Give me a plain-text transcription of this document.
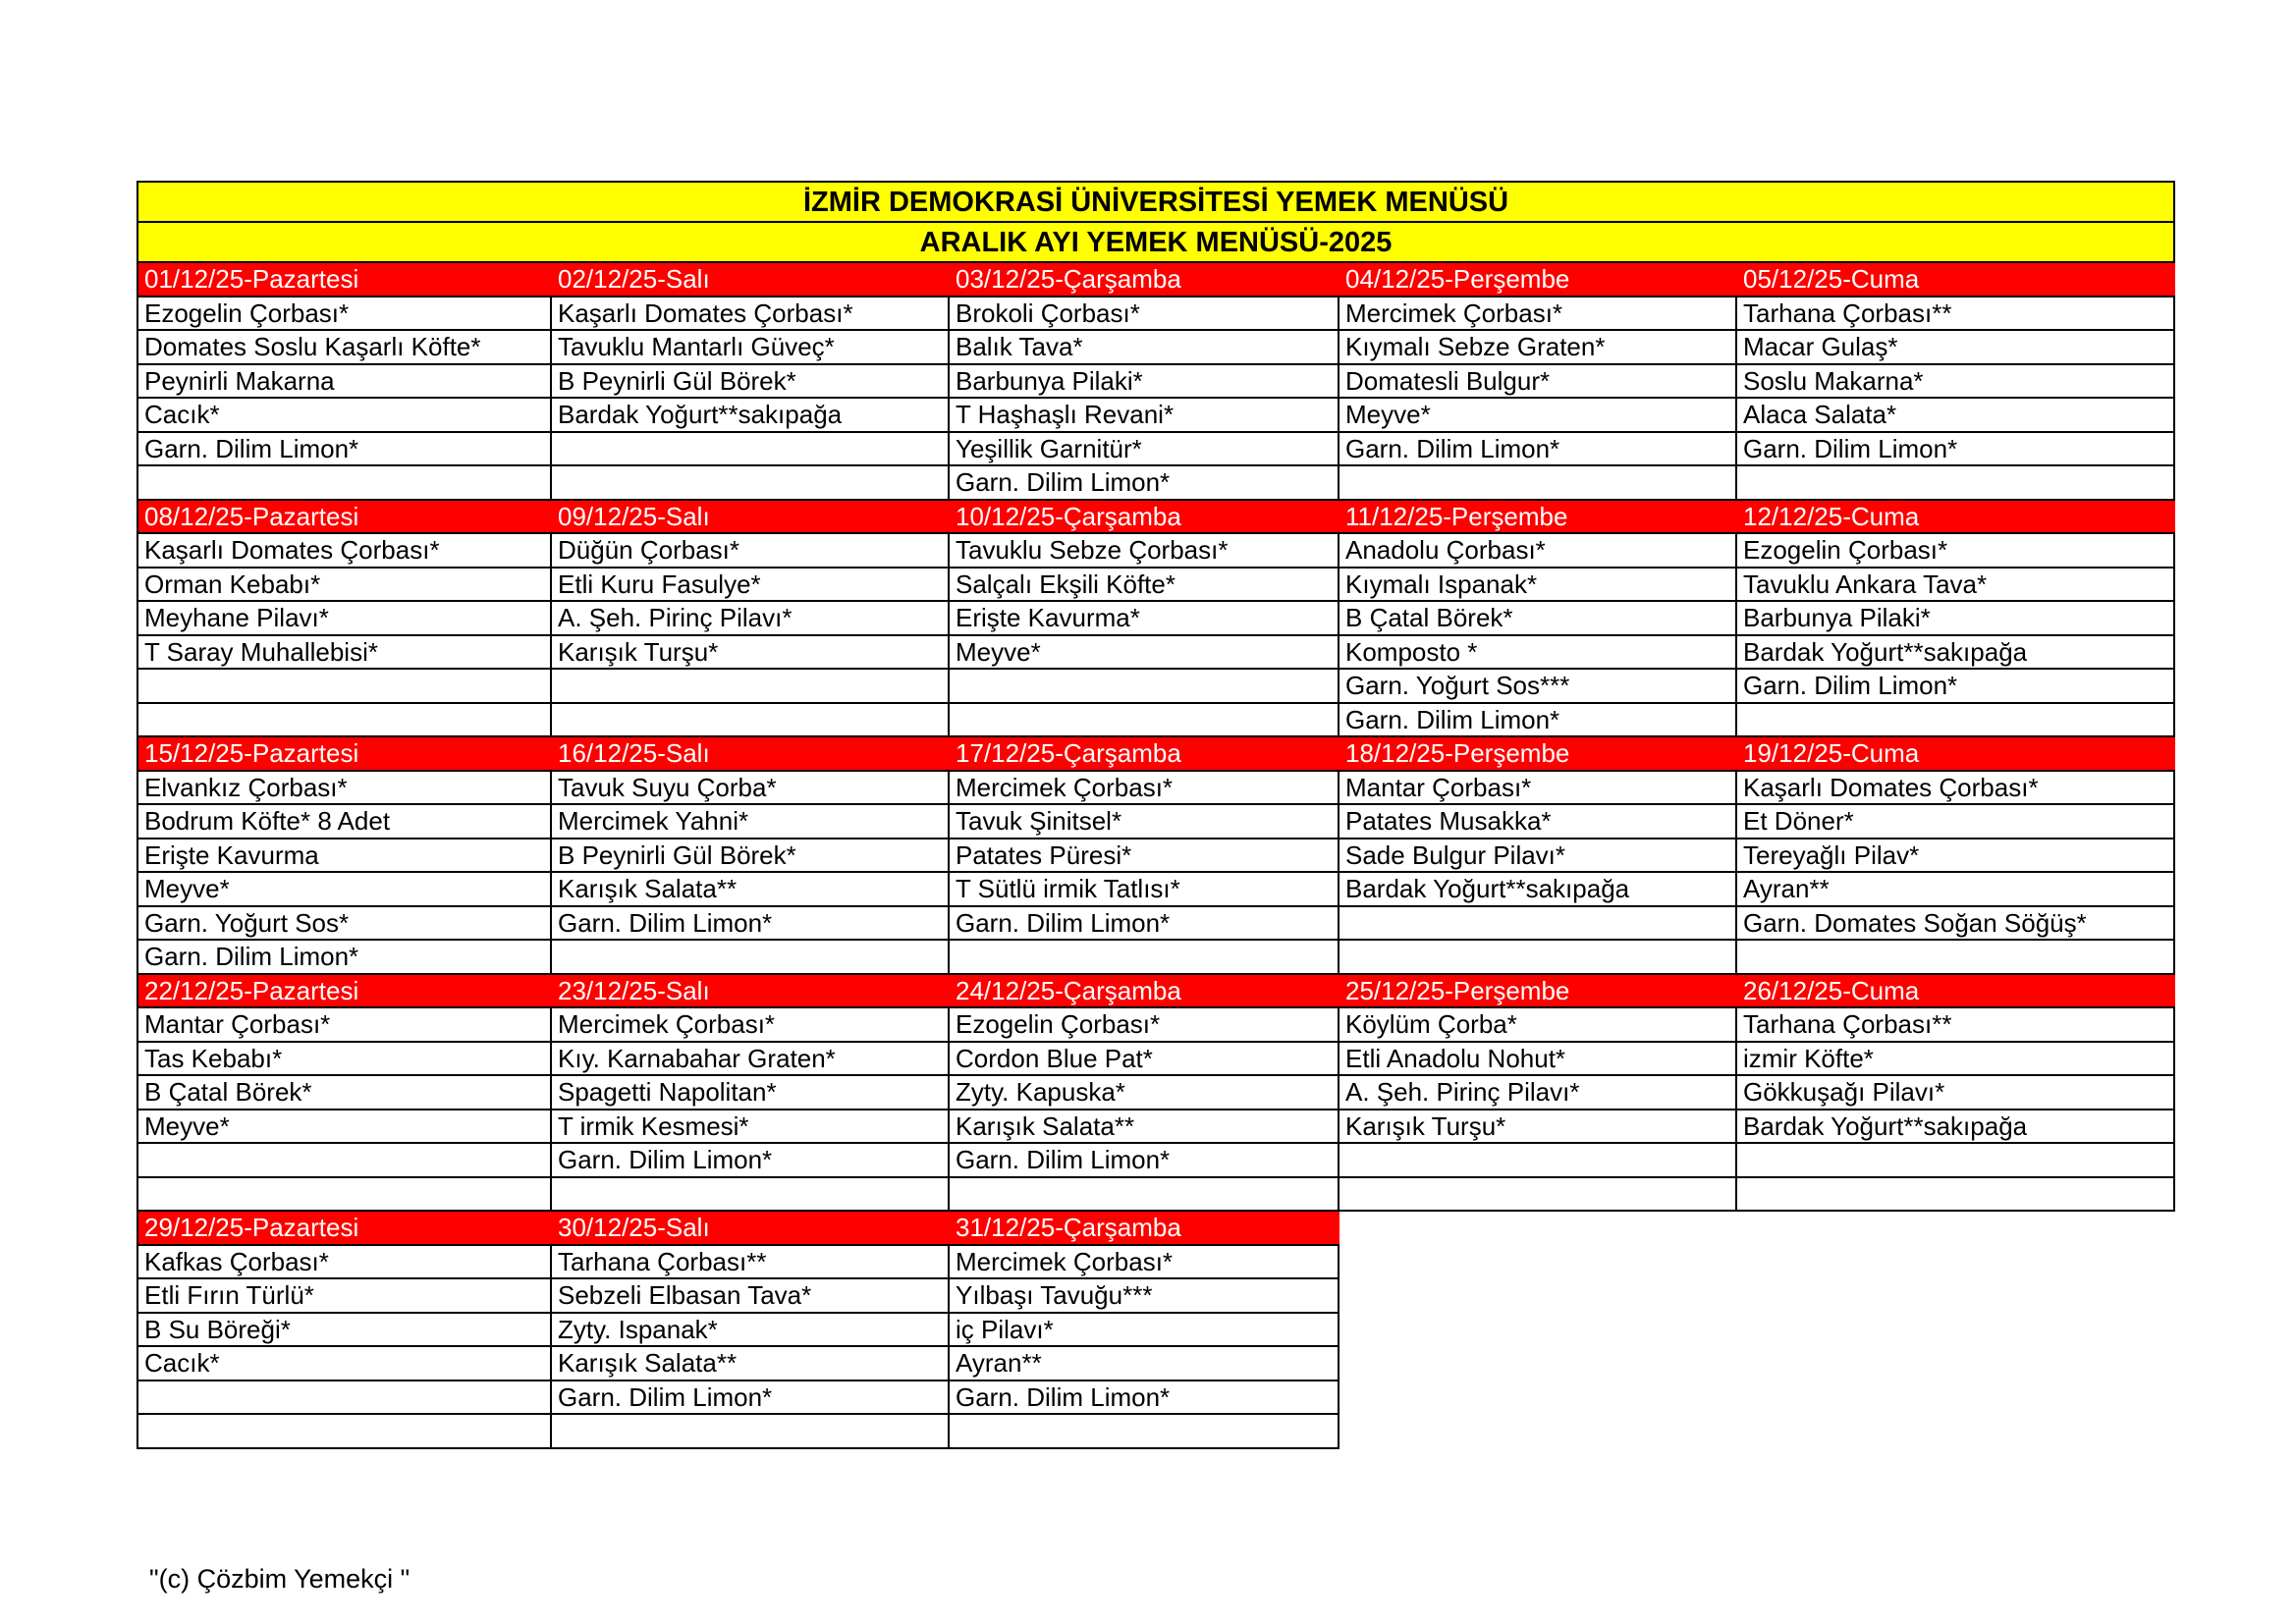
İZMİR DEMOKRASİ ÜNİVERSİTESİ YEMEK MENÜSÜ				
ARALIK AYI YEMEK MENÜSÜ-2025				
01/12/25-Pazartesi	02/12/25-Salı	03/12/25-Çarşamba	04/12/25-Perşembe	05/12/25-Cuma
Ezogelin Çorbası*	Kaşarlı Domates Çorbası*	Brokoli Çorbası*	Mercimek Çorbası*	Tarhana Çorbası**
Domates Soslu Kaşarlı Köfte*	Tavuklu Mantarlı Güveç*	Balık Tava*	Kıymalı Sebze Graten*	Macar Gulaş*
Peynirli Makarna	B Peynirli Gül Börek*	Barbunya Pilaki*	Domatesli Bulgur*	Soslu Makarna*
Cacık*	Bardak Yoğurt**sakıpağa	T Haşhaşlı Revani*	Meyve*	Alaca Salata*
Garn. Dilim Limon*		Yeşillik Garnitür*	Garn. Dilim Limon*	Garn. Dilim Limon*
		Garn. Dilim Limon*		
08/12/25-Pazartesi	09/12/25-Salı	10/12/25-Çarşamba	11/12/25-Perşembe	12/12/25-Cuma
Kaşarlı Domates Çorbası*	Düğün Çorbası*	Tavuklu Sebze Çorbası*	Anadolu Çorbası*	Ezogelin Çorbası*
Orman Kebabı*	Etli Kuru Fasulye*	Salçalı Ekşili Köfte*	Kıymalı Ispanak*	Tavuklu Ankara Tava*
Meyhane Pilavı*	A. Şeh. Pirinç Pilavı*	Erişte Kavurma*	B Çatal Börek*	Barbunya Pilaki*
T Saray Muhallebisi*	Karışık Turşu*	Meyve*	Komposto *	Bardak Yoğurt**sakıpağa
			Garn. Yoğurt Sos***	Garn. Dilim Limon*
			Garn. Dilim Limon*	
15/12/25-Pazartesi	16/12/25-Salı	17/12/25-Çarşamba	18/12/25-Perşembe	19/12/25-Cuma
Elvankız Çorbası*	Tavuk Suyu Çorba*	Mercimek Çorbası*	Mantar Çorbası*	Kaşarlı Domates Çorbası*
Bodrum Köfte* 8 Adet	Mercimek Yahni*	Tavuk Şinitsel*	Patates Musakka*	Et Döner*
Erişte Kavurma	B Peynirli Gül Börek*	Patates Püresi*	Sade Bulgur Pilavı*	Tereyağlı Pilav*
Meyve*	Karışık Salata**	T Sütlü irmik Tatlısı*	Bardak Yoğurt**sakıpağa	Ayran**
Garn. Yoğurt Sos*	Garn. Dilim Limon*	Garn. Dilim Limon*		Garn. Domates Soğan Söğüş*
Garn. Dilim Limon*				
22/12/25-Pazartesi	23/12/25-Salı	24/12/25-Çarşamba	25/12/25-Perşembe	26/12/25-Cuma
Mantar Çorbası*	Mercimek Çorbası*	Ezogelin Çorbası*	Köylüm Çorba*	Tarhana Çorbası**
Tas Kebabı*	Kıy. Karnabahar Graten*	Cordon Blue Pat*	Etli Anadolu Nohut*	izmir Köfte*
B Çatal Börek*	Spagetti Napolitan*	Zyty. Kapuska*	A. Şeh. Pirinç Pilavı*	Gökkuşağı Pilavı*
Meyve*	T irmik Kesmesi*	Karışık Salata**	Karışık Turşu*	Bardak Yoğurt**sakıpağa
	Garn. Dilim Limon*	Garn. Dilim Limon*		

29/12/25-Pazartesi	30/12/25-Salı	31/12/25-Çarşamba		
Kafkas Çorbası*	Tarhana Çorbası**	Mercimek Çorbası*		
Etli Fırın Türlü*	Sebzeli Elbasan Tava*	Yılbaşı Tavuğu***		
B Su Böreği*	Zyty. Ispanak*	iç Pilavı*		
Cacık*	Karışık Salata**	Ayran**		
	Garn. Dilim Limon*	Garn. Dilim Limon*		

"(c) Çözbim Yemekçi "
